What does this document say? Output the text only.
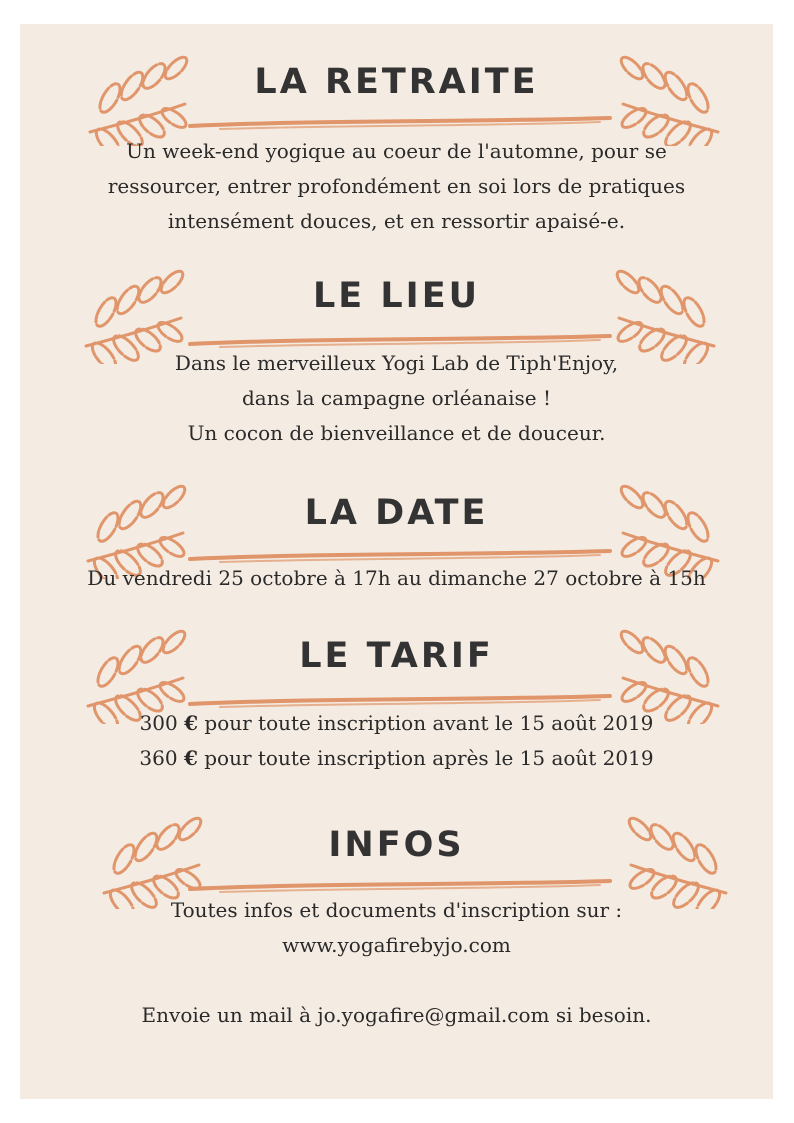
LA RETRAITE

Un week-end yogique au coeur de l'automne, pour se

ressourcer, entrer profondément en soi lors de pratiques

intensément douces, et en ressortir apaisé-e.

LE LIEU

Dans le merveilleux Yogi Lab de Tiph'Enjoy,

dans la campagne orléanaise !

Un cocon de bienveillance et de douceur.

LA DATE

Du vendredi 25 octobre à 17h au dimanche 27 octobre à 15h

LE TARIF

300 € pour toute inscription avant le 15 août 2019

360 € pour toute inscription après le 15 août 2019

INFOS

Toutes infos et documents d'inscription sur :

www.yogafirebyjo.com

Envoie un mail à jo.yogafire@gmail.com si besoin.
